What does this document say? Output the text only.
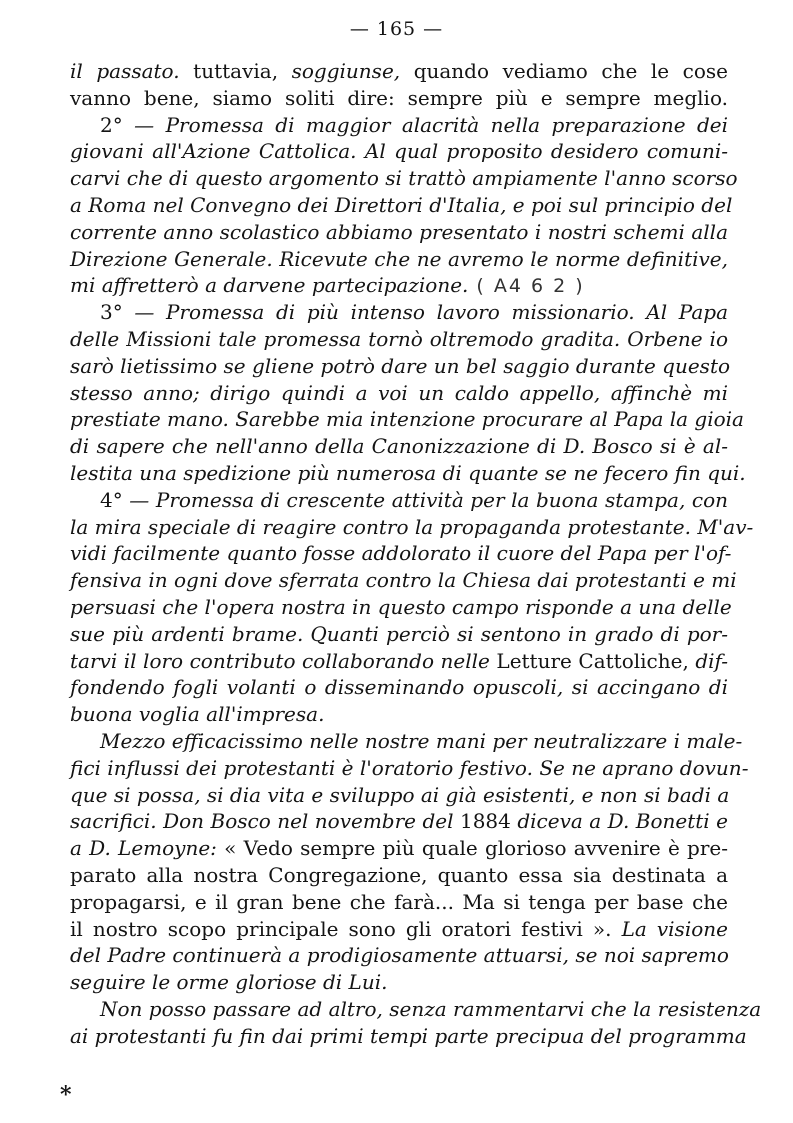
— 165 —
il passato. tuttavia, soggiunse, quando vediamo che le cose
vanno bene, siamo soliti dire: sempre più e sempre meglio.
2° — Promessa di maggior alacrità nella preparazione dei
giovani all'Azione Cattolica. Al qual proposito desidero comuni-
carvi che di questo argomento si trattò ampiamente l'anno scorso
a Roma nel Convegno dei Direttori d'Italia, e poi sul principio del
corrente anno scolastico abbiamo presentato i nostri schemi alla
Direzione Generale. Ricevute che ne avremo le norme definitive,
mi affretterò a darvene partecipazione. ( A4 6 2 )
3° — Promessa di più intenso lavoro missionario. Al Papa
delle Missioni tale promessa tornò oltremodo gradita. Orbene io
sarò lietissimo se gliene potrò dare un bel saggio durante questo
stesso anno; dirigo quindi a voi un caldo appello, affinchè mi
prestiate mano. Sarebbe mia intenzione procurare al Papa la gioia
di sapere che nell'anno della Canonizzazione di D. Bosco si è al-
lestita una spedizione più numerosa di quante se ne fecero fin qui.
4° — Promessa di crescente attività per la buona stampa, con
la mira speciale di reagire contro la propaganda protestante. M'av-
vidi facilmente quanto fosse addolorato il cuore del Papa per l'of-
fensiva in ogni dove sferrata contro la Chiesa dai protestanti e mi
persuasi che l'opera nostra in questo campo risponde a una delle
sue più ardenti brame. Quanti perciò si sentono in grado di por-
tarvi il loro contributo collaborando nelle Letture Cattoliche, dif-
fondendo fogli volanti o disseminando opuscoli, si accingano di
buona voglia all'impresa.
Mezzo efficacissimo nelle nostre mani per neutralizzare i male-
fici influssi dei protestanti è l'oratorio festivo. Se ne aprano dovun-
que si possa, si dia vita e sviluppo ai già esistenti, e non si badi a
sacrifici. Don Bosco nel novembre del 1884 diceva a D. Bonetti e
a D. Lemoyne: « Vedo sempre più quale glorioso avvenire è pre-
parato alla nostra Congregazione, quanto essa sia destinata a
propagarsi, e il gran bene che farà... Ma si tenga per base che
il nostro scopo principale sono gli oratori festivi ». La visione
del Padre continuerà a prodigiosamente attuarsi, se noi sapremo
seguire le orme gloriose di Lui.
Non posso passare ad altro, senza rammentarvi che la resistenza
ai protestanti fu fin dai primi tempi parte precipua del programma
*
